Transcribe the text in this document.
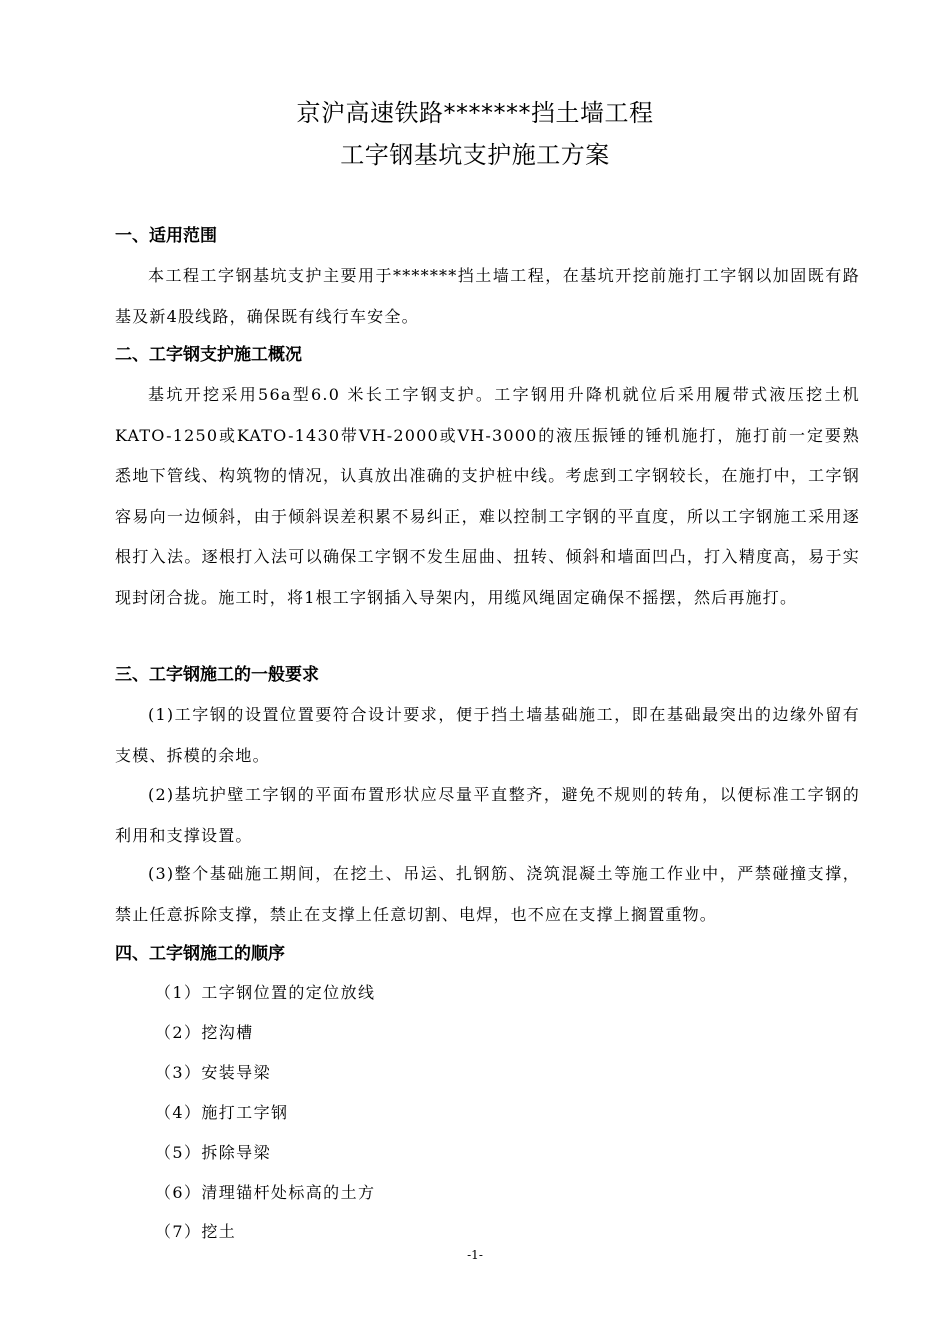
京沪高速铁路*******挡土墙工程
工字钢基坑支护施工方案
一、适用范围

本工程工字钢基坑支护主要用于*******挡土墙工程，在基坑开挖前施打工字钢以加固既有路基及新4股线路，确保既有线行车安全。

二、工字钢支护施工概况

基坑开挖采用56a型6.0 米长工字钢支护。工字钢用升降机就位后采用履带式液压挖土机KATO-1250或KATO-1430带VH-2000或VH-3000的液压振锤的锤机施打，施打前一定要熟悉地下管线、构筑物的情况，认真放出准确的支护桩中线。考虑到工字钢较长，在施打中，工字钢容易向一边倾斜，由于倾斜误差积累不易纠正，难以控制工字钢的平直度，所以工字钢施工采用逐根打入法。逐根打入法可以确保工字钢不发生屈曲、扭转、倾斜和墙面凹凸，打入精度高，易于实现封闭合拢。施工时，将1根工字钢插入导架内，用缆风绳固定确保不摇摆，然后再施打。

三、工字钢施工的一般要求

(1)工字钢的设置位置要符合设计要求，便于挡土墙基础施工，即在基础最突出的边缘外留有支模、拆模的余地。

(2)基坑护壁工字钢的平面布置形状应尽量平直整齐，避免不规则的转角，以便标准工字钢的利用和支撑设置。

(3)整个基础施工期间，在挖土、吊运、扎钢筋、浇筑混凝土等施工作业中，严禁碰撞支撑，禁止任意拆除支撑，禁止在支撑上任意切割、电焊，也不应在支撑上搁置重物。

四、工字钢施工的顺序
（1）工字钢位置的定位放线
（2）挖沟槽
（3）安装导梁
（4）施打工字钢
（5）拆除导梁
（6）清理锚杆处标高的土方
（7）挖土
-1-
